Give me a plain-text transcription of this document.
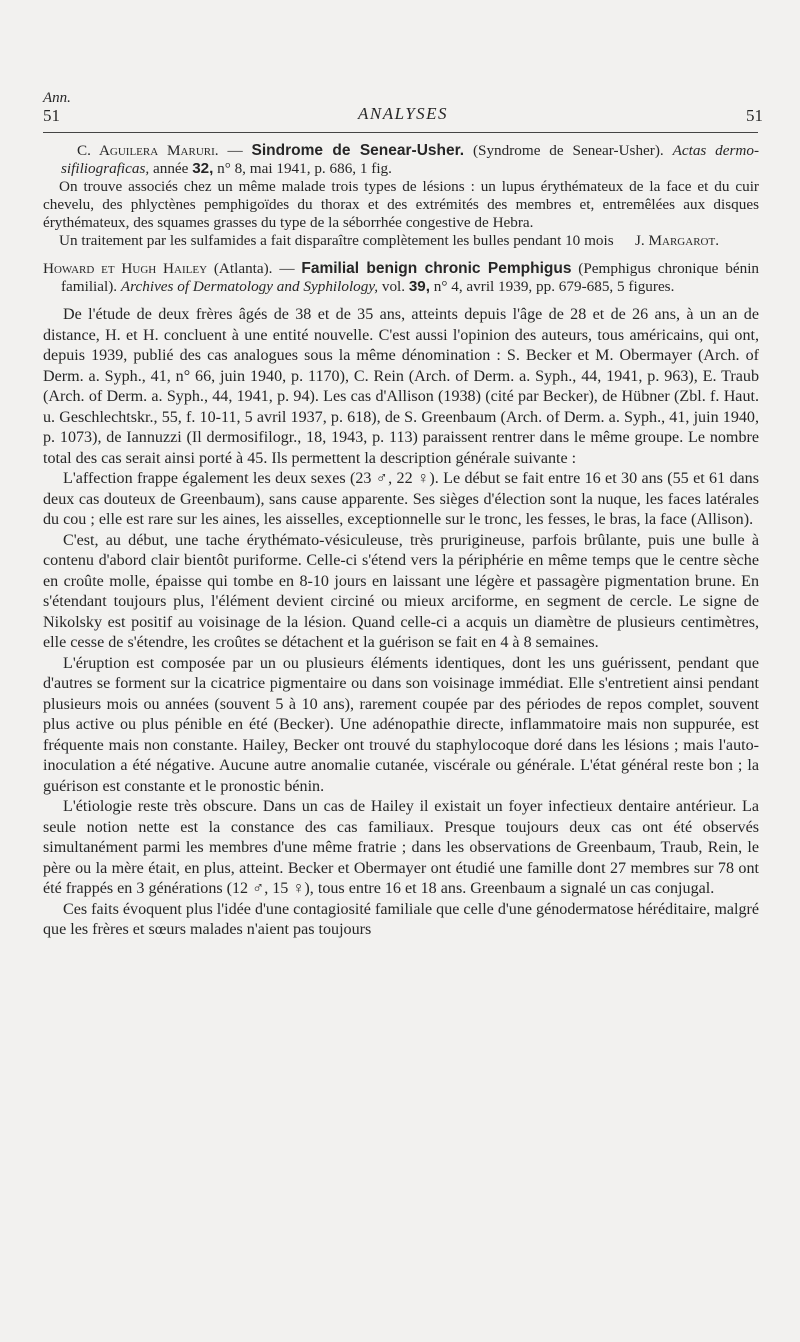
Ann.
51	ANALYSES	51

C. Aguilera Maruri. — Sindrome de Senear-Usher. (Syndrome de Senear-Usher). Actas dermo-sifiliograficas, année 32, n° 8, mai 1941, p. 686, 1 fig.

On trouve associés chez un même malade trois types de lésions : un lupus érythémateux de la face et du cuir chevelu, des phlyctènes pemphigoïdes du thorax et des extrémités des membres et, entremêlées aux disques érythémateux, des squames grasses du type de la séborrhée congestive de Hebra.

Un traitement par les sulfamides a fait disparaître complètement les bulles pendant 10 mois	J. Margarot.

Howard et Hugh Hailey (Atlanta). — Familial benign chronic Pemphigus (Pemphigus chronique bénin familial). Archives of Dermatology and Syphilology, vol. 39, n° 4, avril 1939, pp. 679-685, 5 figures.

De l'étude de deux frères âgés de 38 et de 35 ans, atteints depuis l'âge de 28 et de 26 ans, à un an de distance, H. et H. concluent à une entité nouvelle. C'est aussi l'opinion des auteurs, tous américains, qui ont, depuis 1939, publié des cas analogues sous la même dénomination : S. Becker et M. Obermayer (Arch. of Derm. a. Syph., 41, n° 66, juin 1940, p. 1170), C. Rein (Arch. of Derm. a. Syph., 44, 1941, p. 963), E. Traub (Arch. of Derm. a. Syph., 44, 1941, p. 94). Les cas d'Allison (1938) (cité par Becker), de Hübner (Zbl. f. Haut. u. Geschlechtskr., 55, f. 10-11, 5 avril 1937, p. 618), de S. Greenbaum (Arch. of Derm. a. Syph., 41, juin 1940, p. 1073), de Iannuzzi (Il dermosifilogr., 18, 1943, p. 113) paraissent rentrer dans le même groupe. Le nombre total des cas serait ainsi porté à 45. Ils permettent la description générale suivante :

L'affection frappe également les deux sexes (23 ♂, 22 ♀). Le début se fait entre 16 et 30 ans (55 et 61 dans deux cas douteux de Greenbaum), sans cause apparente. Ses sièges d'élection sont la nuque, les faces latérales du cou ; elle est rare sur les aines, les aisselles, exceptionnelle sur le tronc, les fesses, le bras, la face (Allison).

C'est, au début, une tache érythémato-vésiculeuse, très prurigineuse, parfois brûlante, puis une bulle à contenu d'abord clair bientôt puriforme. Celle-ci s'étend vers la périphérie en même temps que le centre sèche en croûte molle, épaisse qui tombe en 8-10 jours en laissant une légère et passagère pigmentation brune. En s'étendant toujours plus, l'élément devient circiné ou mieux arciforme, en segment de cercle. Le signe de Nikolsky est positif au voisinage de la lésion. Quand celle-ci a acquis un diamètre de plusieurs centimètres, elle cesse de s'étendre, les croûtes se détachent et la guérison se fait en 4 à 8 semaines.

L'éruption est composée par un ou plusieurs éléments identiques, dont les uns guérissent, pendant que d'autres se forment sur la cicatrice pigmentaire ou dans son voisinage immédiat. Elle s'entretient ainsi pendant plusieurs mois ou années (souvent 5 à 10 ans), rarement coupée par des périodes de repos complet, souvent plus active ou plus pénible en été (Becker). Une adénopathie directe, inflammatoire mais non suppurée, est fréquente mais non constante. Hailey, Becker ont trouvé du staphylocoque doré dans les lésions ; mais l'auto-inoculation a été négative. Aucune autre anomalie cutanée, viscérale ou générale. L'état général reste bon ; la guérison est constante et le pronostic bénin.

L'étiologie reste très obscure. Dans un cas de Hailey il existait un foyer infectieux dentaire antérieur. La seule notion nette est la constance des cas familiaux. Presque toujours deux cas ont été observés simultanément parmi les membres d'une même fratrie ; dans les observations de Greenbaum, Traub, Rein, le père ou la mère était, en plus, atteint. Becker et Obermayer ont étudié une famille dont 27 membres sur 78 ont été frappés en 3 générations (12 ♂, 15 ♀), tous entre 16 et 18 ans. Greenbaum a signalé un cas conjugal.

Ces faits évoquent plus l'idée d'une contagiosité familiale que celle d'une génodermatose héréditaire, malgré que les frères et sœurs malades n'aient pas toujours
